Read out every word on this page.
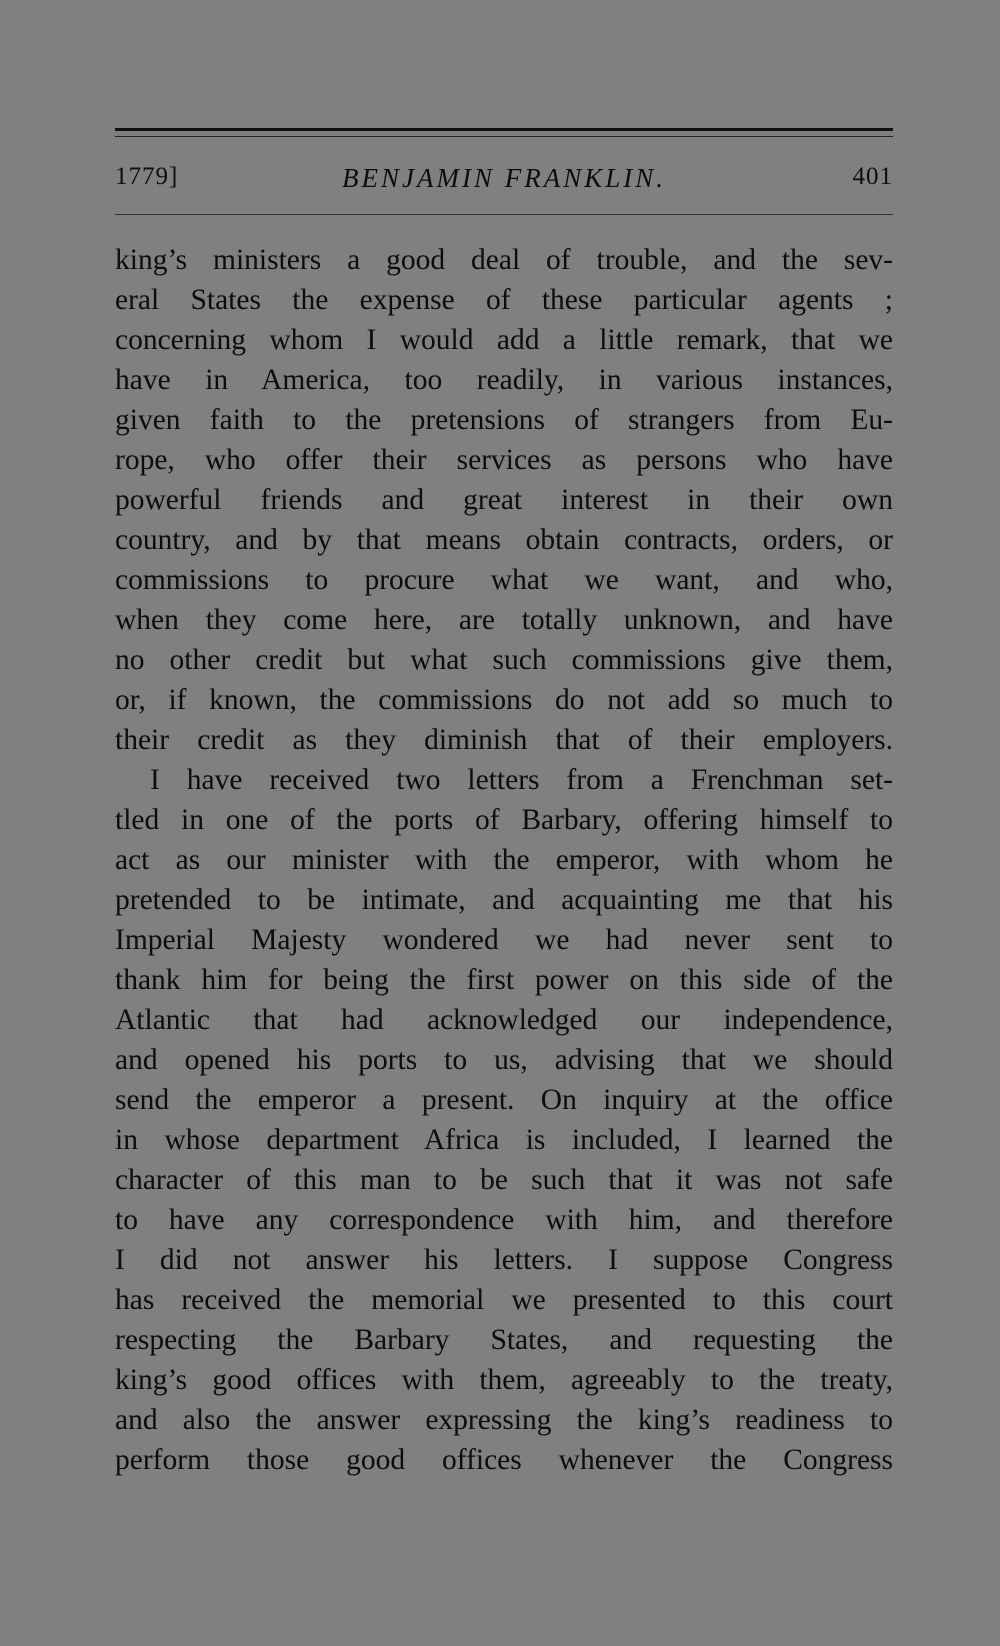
1779]	BENJAMIN FRANKLIN.	401
king’s ministers a good deal of trouble, and the sev-
eral States the expense of these particular agents ;
concerning whom I would add a little remark, that we
have in America, too readily, in various instances,
given faith to the pretensions of strangers from Eu-
rope, who offer their services as persons who have
powerful friends and great interest in their own
country, and by that means obtain contracts, orders, or
commissions to procure what we want, and who,
when they come here, are totally unknown, and have
no other credit but what such commissions give them,
or, if known, the commissions do not add so much to
their credit as they diminish that of their employers.
I have received two letters from a Frenchman set-
tled in one of the ports of Barbary, offering himself to
act as our minister with the emperor, with whom he
pretended to be intimate, and acquainting me that his
Imperial Majesty wondered we had never sent to
thank him for being the first power on this side of the
Atlantic that had acknowledged our independence,
and opened his ports to us, advising that we should
send the emperor a present. On inquiry at the office
in whose department Africa is included, I learned the
character of this man to be such that it was not safe
to have any correspondence with him, and therefore
I did not answer his letters. I suppose Congress
has received the memorial we presented to this court
respecting the Barbary States, and requesting the
king’s good offices with them, agreeably to the treaty,
and also the answer expressing the king’s readiness to
perform those good offices whenever the Congress
